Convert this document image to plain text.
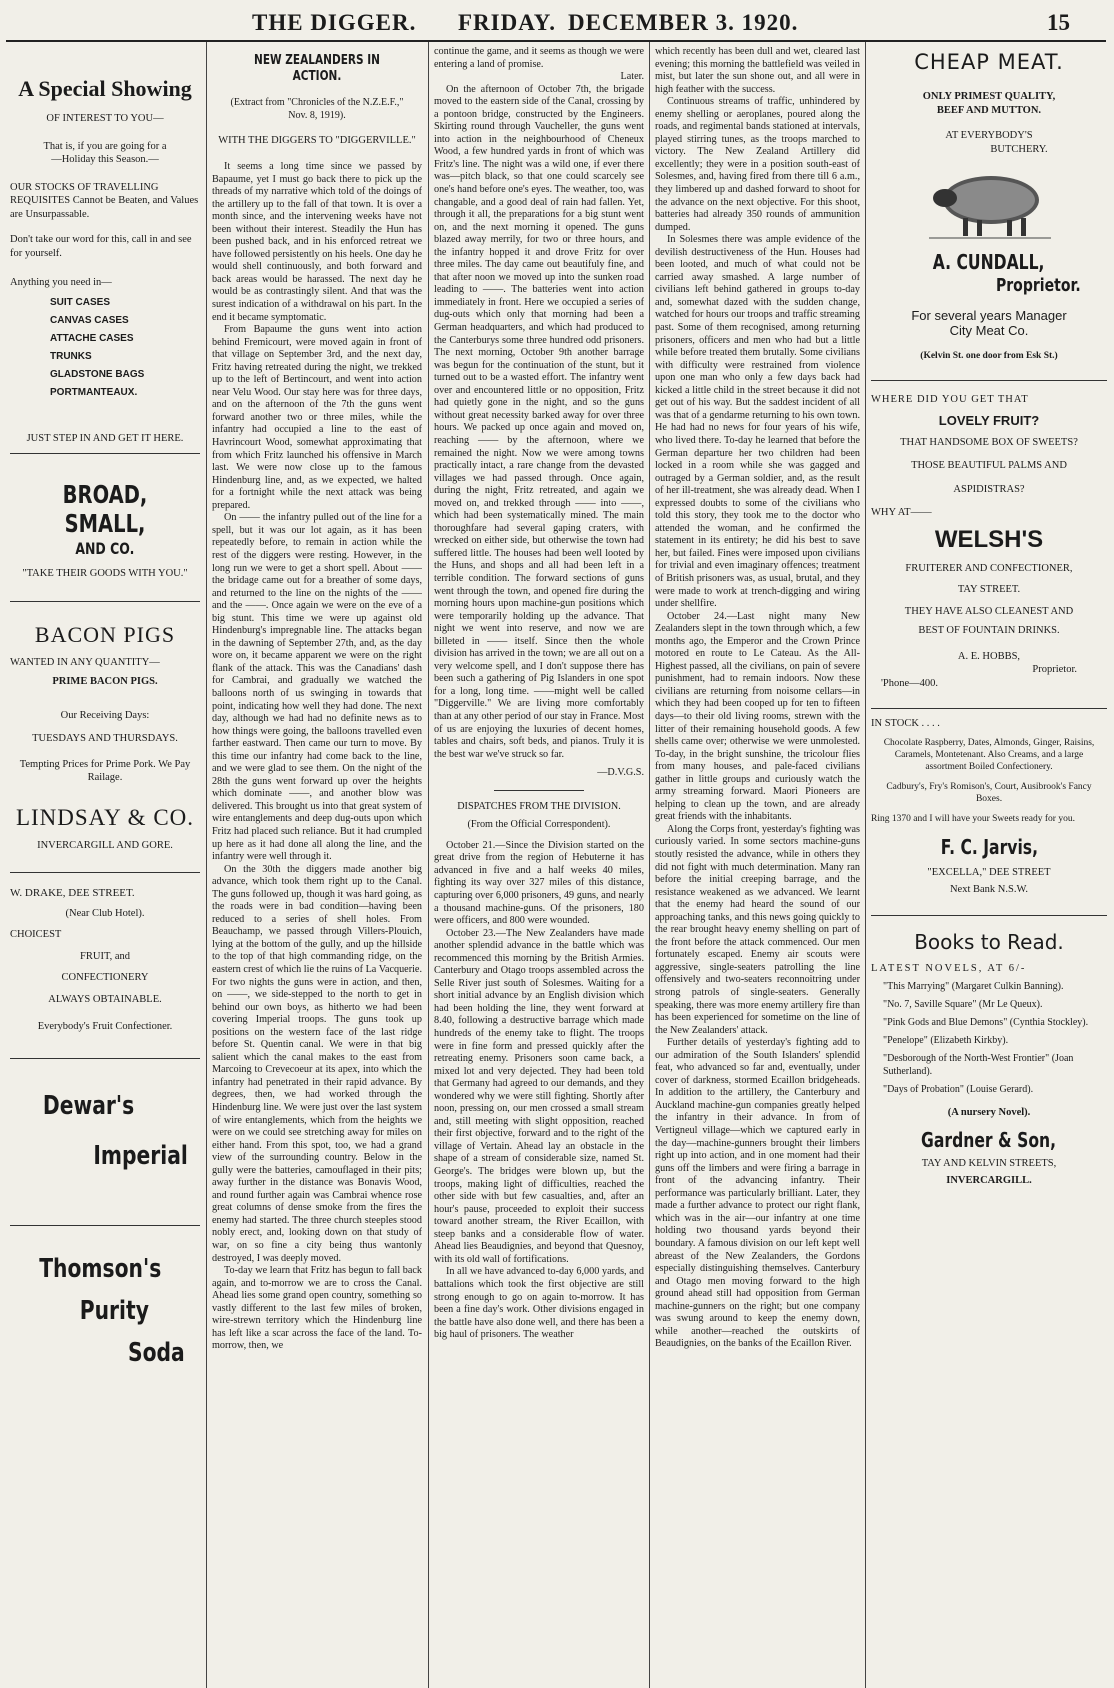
THE DIGGER. FRIDAY. DECEMBER 3. 1920.	15
A Special Showing
OF INTEREST TO YOU—
That is, if you are going for a
—Holiday this Season.—
OUR STOCKS OF TRAVELLING REQUISITES Cannot be Beaten, and Values are Unsurpassable.
Don't take our word for this, call in and see for yourself.
Anything you need in—
SUIT CASES
CANVAS CASES
ATTACHE CASES
TRUNKS
GLADSTONE BAGS
PORTMANTEAUX.
JUST STEP IN AND GET IT HERE.
BROAD, SMALL,
AND CO.
"TAKE THEIR GOODS WITH YOU."
BACON PIGS
WANTED IN ANY QUANTITY—
PRIME BACON PIGS.
Our Receiving Days:
TUESDAYS AND THURSDAYS.
Tempting Prices for Prime Pork. We Pay Railage.
LINDSAY & CO.
INVERCARGILL AND GORE.
W. DRAKE, DEE STREET.
(Near Club Hotel).
CHOICEST
FRUIT, and
CONFECTIONERY
ALWAYS OBTAINABLE.
Everybody's Fruit Confectioner.
Dewar's
Imperial
Thomson's
Purity
Soda
NEW ZEALANDERS IN ACTION.
(Extract from "Chronicles of the N.Z.E.F.," Nov. 8, 1919).
WITH THE DIGGERS TO "DIGGERVILLE."

It seems a long time since we passed by Bapaume, yet I must go back there to pick up the threads of my narrative which told of the doings of the artillery up to the fall of that town. It is over a month since, and the intervening weeks have not been without their interest. Steadily the Hun has been pushed back, and in his enforced retreat we have followed persistently on his heels. One day he would shell continuously, and both forward and back areas would be harassed. The next day he would be as contrastingly silent. And that was the surest indication of a withdrawal on his part. In the end it became symptomatic.

From Bapaume the guns went into action behind Fremicourt, were moved again in front of that village on September 3rd, and the next day, Fritz having retreated during the night, we trekked up to the left of Bertincourt, and went into action near Velu Wood. Our stay here was for three days, and on the afternoon of the 7th the guns went forward another two or three miles, while the infantry had occupied a line to the east of Havrincourt Wood, somewhat approximating that from which Fritz launched his offensive in March last. We were now close up to the famous Hindenburg line, and, as we expected, we halted for a fortnight while the next attack was being prepared.

On —— the infantry pulled out of the line for a spell, but it was our lot again, as it has been repeatedly before, to remain in action while the rest of the diggers were resting. However, in the long run we were to get a short spell. About —— the bridage came out for a breather of some days, and returned to the line on the nights of the —— and the ——. Once again we were on the eve of a big stunt. This time we were up against old Hindenburg's impregnable line. The attacks began in the dawning of September 27th, and, as the day wore on, it became apparent we were on the right flank of the attack. This was the Canadians' dash for Cambrai, and gradually we watched the balloons north of us swinging in towards that point, indicating how well they had done. The next day, although we had had no definite news as to how things were going, the balloons travelled even farther eastward. Then came our turn to move. By this time our infantry had come back to the line, and we were glad to see them. On the night of the 28th the guns went forward up over the heights which dominate ——, and another blow was delivered. This brought us into that great system of wire entanglements and deep dug-outs upon which Fritz had placed such reliance. But it had crumpled up here as it had done all along the line, and the infantry were well through it.

On the 30th the diggers made another big advance, which took them right up to the Canal. The guns followed up, though it was hard going, as the roads were in bad condition—having been reduced to a series of shell holes. From Beauchamp, we passed through Villers-Plouich, lying at the bottom of the gully, and up the hillside to the top of that high commanding ridge, on the eastern crest of which lie the ruins of La Vacquerie. For two nights the guns were in action, and then, on ——, we side-stepped to the north to get in behind our own boys, as hitherto we had been covering Imperial troops. The guns took up positions on the western face of the last ridge before St. Quentin canal. We were in that big salient which the canal makes to the east from Marcoing to Crevecoeur at its apex, into which the infantry had penetrated in their rapid advance. By degrees, then, we had worked through the Hindenburg line. We were just over the last system of wire entanglements, which from the heights we were on we could see stretching away for miles on either hand. From this spot, too, we had a grand view of the surrounding country. Below in the gully were the batteries, camouflaged in their pits; away further in the distance was Bonavis Wood, and round further again was Cambrai whence rose great columns of dense smoke from the fires the enemy had started. The three church steeples stood nobly erect, and, looking down on that study of war, on so fine a city being thus wantonly destroyed, I was deeply moved.

To-day we learn that Fritz has begun to fall back again, and to-morrow we are to cross the Canal. Ahead lies some grand open country, something so vastly different to the last few miles of broken, wire-strewn territory which the Hindenburg line has left like a scar across the face of the land. To-morrow, then, we

continue the game, and it seems as though we were entering a land of promise.

Later.

On the afternoon of October 7th, the brigade moved to the eastern side of the Canal, crossing by a pontoon bridge, constructed by the Engineers. Skirting round through Vaucheller, the guns went into action in the neighbourhood of Cheneux Wood, a few hundred yards in front of which was Fritz's line. The night was a wild one, if ever there was—pitch black, so that one could scarcely see one's hand before one's eyes. The weather, too, was changable, and a good deal of rain had fallen. Yet, through it all, the preparations for a big stunt went on, and the next morning it opened. The guns blazed away merrily, for two or three hours, and the infantry hopped it and drove Fritz for over three miles. The day came out beautifuly fine, and that after noon we moved up into the sunken road leading to ——. The batteries went into action immediately in front. Here we occupied a series of dug-outs which only that morning had been a German headquarters, and which had produced to the Canterburys some three hundred odd prisoners. The next morning, October 9th another barrage was begun for the continuation of the stunt, but it turned out to be a wasted effort. The infantry went over and encountered little or no opposition, Fritz had quietly gone in the night, and so the guns without great necessity barked away for over three hours. We packed up once again and moved on, reaching —— by the afternoon, where we remained the night. Now we were among towns practically intact, a rare change from the devasted villages we had passed through. Once again, during the night, Fritz retreated, and again we moved on, and trekked through —— into ——, which had been systematically mined. The main thoroughfare had several gaping craters, with wrecked on either side, but otherwise the town had suffered little. The houses had been well looted by the Huns, and shops and all had been left in a terrible condition. The forward sections of guns went through the town, and opened fire during the morning hours upon machine-gun positions which were temporarily holding up the advance. That night we went into reserve, and now we are billeted in —— itself. Since then the whole division has arrived in the town; we are all out on a very welcome spell, and I don't suppose there has been such a gathering of Pig Islanders in one spot for a long, long time. ——might well be called "Diggerville." We are living more comfortably than at any other period of our stay in France. Most of us are enjoying the luxuries of decent homes, tables and chairs, soft beds, and pianos. Truly it is the best war we've struck so far.

—D.V.G.S.

DISPATCHES FROM THE DIVISION.

(From the Official Correspondent).

October 21.—Since the Division started on the great drive from the region of Hebuterne it has advanced in five and a half weeks 40 miles, fighting its way over 327 miles of this distance, capturing over 6,000 prisoners, 49 guns, and nearly a thousand machine-guns. Of the prisoners, 180 were officers, and 800 were wounded.

October 23.—The New Zealanders have made another splendid advance in the battle which was recommenced this morning by the British Armies. Canterbury and Otago troops assembled across the Selle River just south of Solesmes. Waiting for a short initial advance by an English division which had been holding the line, they went forward at 8.40, following a destructive barrage which made hundreds of the enemy take to flight. The troops were in fine form and pressed quickly after the retreating enemy. Prisoners soon came back, a mixed lot and very dejected. They had been told that Germany had agreed to our demands, and they wondered why we were still fighting. Shortly after noon, pressing on, our men crossed a small stream and, still meeting with slight opposition, reached their first objective, forward and to the right of the village of Vertain. Ahead lay an obstacle in the shape of a stream of considerable size, named St. George's. The bridges were blown up, but the troops, making light of difficulties, reached the other side with but few casualties, and, after an hour's pause, proceeded to exploit their success toward another stream, the River Ecaillon, with steep banks and a considerable flow of water. Ahead lies Beaudignies, and beyond that Quesnoy, with its old wall of fortifications.

In all we have advanced to-day 6,000 yards, and battalions which took the first objective are still strong enough to go on again to-morrow. It has been a fine day's work. Other divisions engaged in the battle have also done well, and there has been a big haul of prisoners. The weather

which recently has been dull and wet, cleared last evening; this morning the battlefield was veiled in mist, but later the sun shone out, and all were in high feather with the success.

Continuous streams of traffic, unhindered by enemy shelling or aeroplanes, poured along the roads, and regimental bands stationed at intervals, played stirring tunes, as the troops marched to victory. The New Zealand Artillery did excellently; they were in a position south-east of Solesmes, and, having fired from there till 6 a.m., they limbered up and dashed forward to shoot for the advance on the next objective. For this shoot, batteries had already 350 rounds of ammunition dumped.

In Solesmes there was ample evidence of the devilish destructiveness of the Hun. Houses had been looted, and much of what could not be carried away smashed. A large number of civilians left behind gathered in groups to-day and, somewhat dazed with the sudden change, watched for hours our troops and traffic streaming past. Some of them recognised, among returning prisoners, officers and men who had but a little while before treated them brutally. Some civilians with difficulty were restrained from violence upon one man who only a few days back had kicked a little child in the street because it did not get out of his way. But the saddest incident of all was that of a gendarme returning to his own town. He had had no news for four years of his wife, who lived there. To-day he learned that before the German departure her two children had been locked in a room while she was gagged and outraged by a German soldier, and, as the result of her ill-treatment, she was already dead. When I expressed doubts to some of the civilians who told this story, they took me to the doctor who attended the woman, and he confirmed the statement in its entirety; he did his best to save her, but failed. Fines were imposed upon civilians for trivial and even imaginary offences; treatment of British prisoners was, as usual, brutal, and they were made to work at trench-digging and wiring under shellfire.

October 24.—Last night many New Zealanders slept in the town through which, a few months ago, the Emperor and the Crown Prince motored en route to Le Cateau. As the All-Highest passed, all the civilians, on pain of severe punishment, had to remain indoors. Now these civilians are returning from noisome cellars—in which they had been cooped up for ten to fifteen days—to their old living rooms, strewn with the litter of their remaining household goods. A few shells came over; otherwise we were unmolested. To-day, in the bright sunshine, the tricolour flies from many houses, and pale-faced civilians gather in little groups and curiously watch the army streaming forward. Maori Pioneers are helping to clean up the town, and are already great friends with the inhabitants.

Along the Corps front, yesterday's fighting was curiously varied. In some sectors machine-guns stoutly resisted the advance, while in others they did not fight with much determination. Many ran before the initial creeping barrage, and the resistance weakened as we advanced. We learnt that the enemy had heard the sound of our approaching tanks, and this news going quickly to the rear brought heavy enemy shelling on part of the front before the attack commenced. Our men fortunately escaped. Enemy air scouts were aggressive, single-seaters patrolling the line offensively and two-seaters reconnoitring under strong patrols of single-seaters. Generally speaking, there was more enemy artillery fire than has been experienced for sometime on the line of the New Zealanders' attack.

Further details of yesterday's fighting add to our admiration of the South Islanders' splendid feat, who advanced so far and, eventually, under cover of darkness, stormed Ecaillon bridgeheads. In addition to the artillery, the Canterbury and Auckland machine-gun companies greatly helped the infantry in their advance. In from of Vertigneul village—which we captured early in the day—machine-gunners brought their limbers right up into action, and in one moment had their guns off the limbers and were firing a barrage in front of the advancing infantry. Their performance was particularly brilliant. Later, they made a further advance to protect our right flank, which was in the air—our infantry at one time holding two thousand yards beyond their boundary. A famous division on our left kept well abreast of the New Zealanders, the Gordons especially distinguishing themselves. Canterbury and Otago men moving forward to the high ground ahead still had opposition from German machine-gunners on the right; but one company was swung around to keep the enemy down, while another—reached the outskirts of Beaudignies, on the banks of the Ecaillon River.

CHEAP MEAT.
ONLY PRIMEST QUALITY,
BEEF AND MUTTON.
AT EVERYBODY'S
BUTCHERY.
A. CUNDALL,
Proprietor.
For several years Manager
City Meat Co.
(Kelvin St. one door from Esk St.)
WHERE DID YOU GET THAT
LOVELY FRUIT?
THAT HANDSOME BOX OF SWEETS?
THOSE BEAUTIFUL PALMS AND
ASPIDISTRAS?
WHY AT——
WELSH'S
FRUITERER AND CONFECTIONER,
TAY STREET.
THEY HAVE ALSO CLEANEST AND
BEST OF FOUNTAIN DRINKS.
A. E. HOBBS,
Proprietor.
'Phone—400.
IN STOCK . . . .
Chocolate Raspberry, Dates, Almonds, Ginger, Raisins, Caramels, Montetenant. Also Creams, and a large assortment Boiled Confectionery.
Cadbury's, Fry's Romison's, Court, Ausibrook's Fancy Boxes.
Ring 1370 and I will have your Sweets ready for you.
F. C. Jarvis,
"EXCELLA," DEE STREET
Next Bank N.S.W.
Books to Read.
LATEST NOVELS, AT 6/-
"This Marrying" (Margaret Culkin Banning).
"No. 7, Saville Square" (Mr Le Queux).
"Pink Gods and Blue Demons" (Cynthia Stockley).
"Penelope" (Elizabeth Kirkby).
"Desborough of the North-West Frontier" (Joan Sutherland).
"Days of Probation" (Louise Gerard).
(A nursery Novel).
Gardner & Son,
TAY AND KELVIN STREETS,
INVERCARGILL.
